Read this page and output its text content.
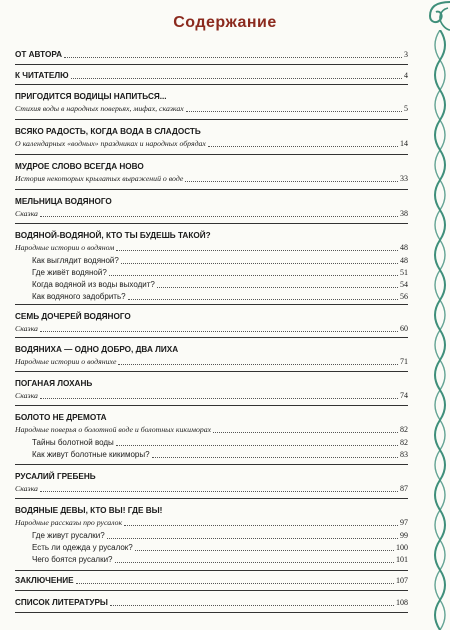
Содержание
ОТ АВТОРА	3
К ЧИТАТЕЛЮ	4
ПРИГОДИТСЯ ВОДИЦЫ НАПИТЬСЯ...
Стихия воды в народных поверьях, мифах, сказках	5
ВСЯКО РАДОСТЬ, КОГДА ВОДА В СЛАДОСТЬ
О календарных «водных» праздниках и народных обрядах	14
МУДРОЕ СЛОВО ВСЕГДА НОВО
История некоторых крылатых выражений о воде	33
МЕЛЬНИЦА ВОДЯНОГО
Сказка	38
ВОДЯНОЙ-ВОДЯНОЙ, КТО ТЫ БУДЕШЬ ТАКОЙ?
Народные истории о водяном	48
Как выглядит водяной?	48
Где живёт водяной?	51
Когда водяной из воды выходит?	54
Как водяного задобрить?	56
СЕМЬ ДОЧЕРЕЙ ВОДЯНОГО
Сказка	60
ВОДЯНИХА — ОДНО ДОБРО, ДВА ЛИХА
Народные истории о водянихе	71
ПОГАНАЯ ЛОХАНЬ
Сказка	74
БОЛОТО НЕ ДРЕМОТА
Народные поверья о болотной воде и болотных кикиморах	82
Тайны болотной воды	82
Как живут болотные кикиморы?	83
РУСАЛИЙ ГРЕБЕНЬ
Сказка	87
ВОДЯНЫЕ ДЕВЫ, КТО ВЫ! ГДЕ ВЫ!
Народные рассказы про русалок	97
Где живут русалки?	99
Есть ли одежда у русалок?	100
Чего боятся русалки?	101
ЗАКЛЮЧЕНИЕ	107
СПИСОК ЛИТЕРАТУРЫ	108
